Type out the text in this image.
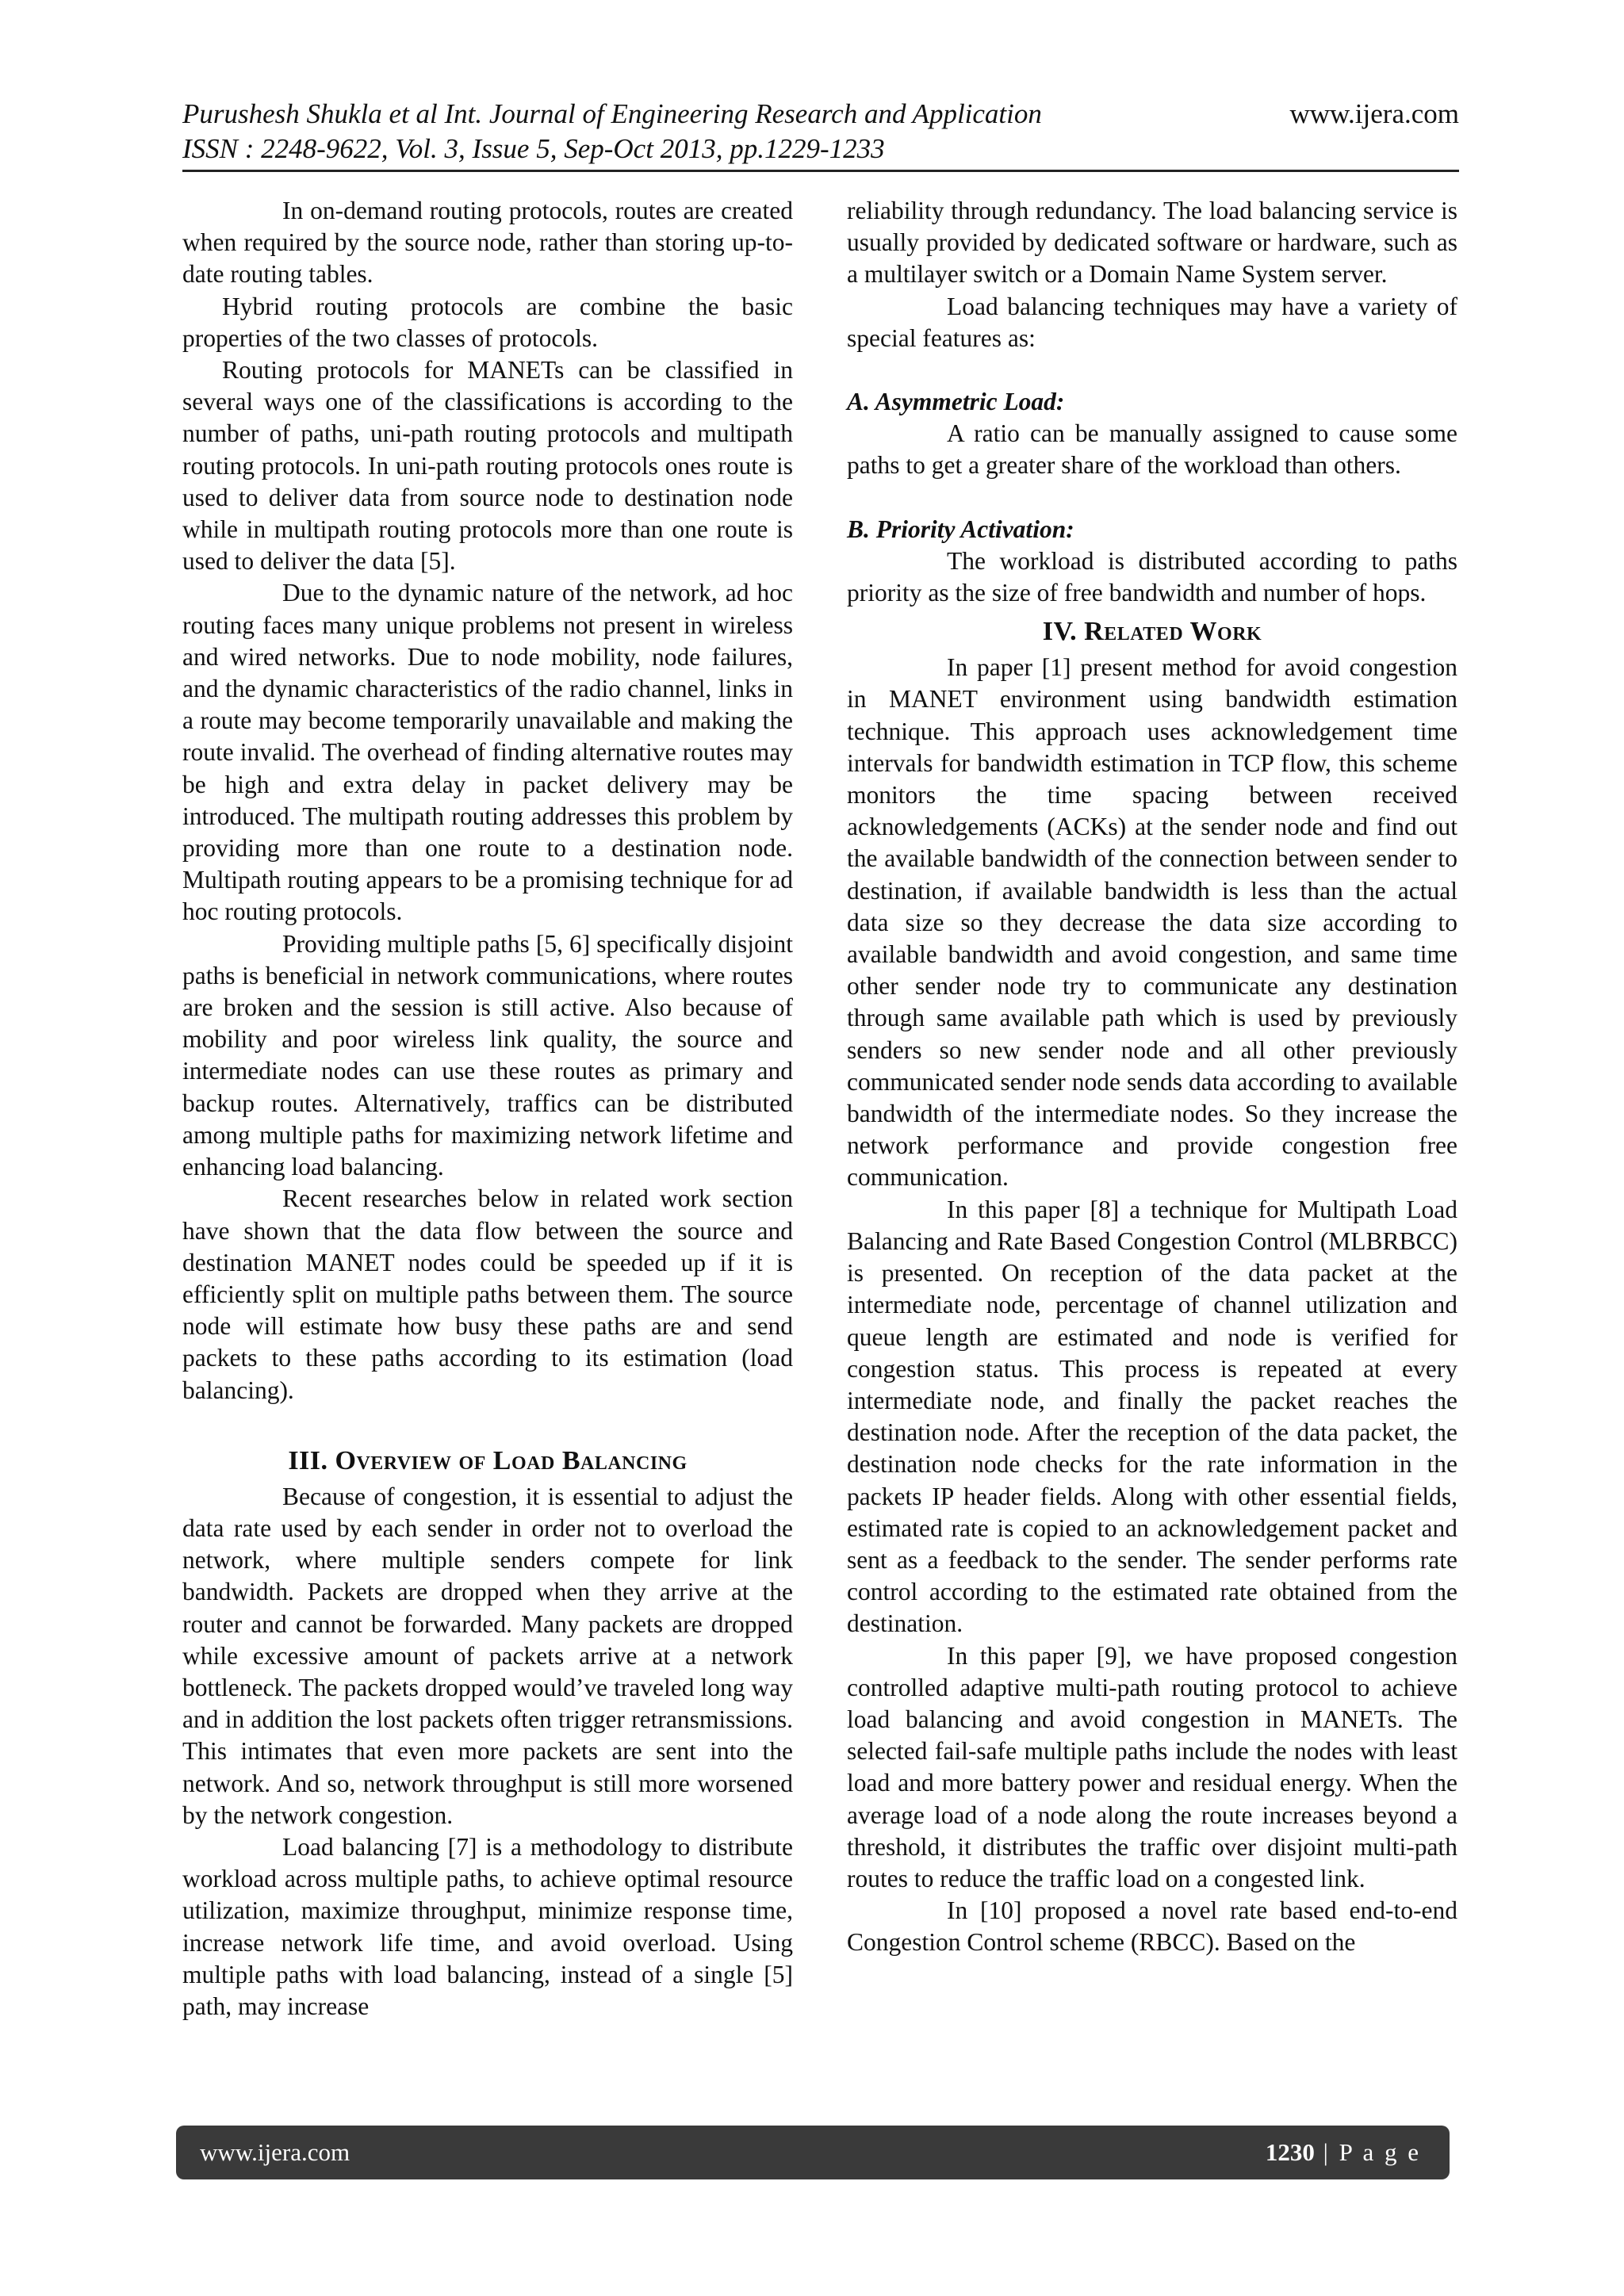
Purushesh Shukla et al Int. Journal of Engineering Research and Application
ISSN : 2248-9622, Vol. 3, Issue 5, Sep-Oct 2013, pp.1229-1233
www.ijera.com

In on-demand routing protocols, routes are created when required by the source node, rather than storing up-to-date routing tables.

Hybrid routing protocols are combine the basic properties of the two classes of protocols.

Routing protocols for MANETs can be classified in several ways one of the classifications is according to the number of paths, uni-path routing protocols and multipath routing protocols. In uni-path routing protocols ones route is used to deliver data from source node to destination node while in multipath routing protocols more than one route is used to deliver the data [5].

Due to the dynamic nature of the network, ad hoc routing faces many unique problems not present in wireless and wired networks. Due to node mobility, node failures, and the dynamic characteristics of the radio channel, links in a route may become temporarily unavailable and making the route invalid. The overhead of finding alternative routes may be high and extra delay in packet delivery may be introduced. The multipath routing addresses this problem by providing more than one route to a destination node. Multipath routing appears to be a promising technique for ad hoc routing protocols.

Providing multiple paths [5, 6] specifically disjoint paths is beneficial in network communications, where routes are broken and the session is still active. Also because of mobility and poor wireless link quality, the source and intermediate nodes can use these routes as primary and backup routes. Alternatively, traffics can be distributed among multiple paths for maximizing network lifetime and enhancing load balancing.

Recent researches below in related work section have shown that the data flow between the source and destination MANET nodes could be speeded up if it is efficiently split on multiple paths between them. The source node will estimate how busy these paths are and send packets to these paths according to its estimation (load balancing).

III. Overview of Load Balancing

Because of congestion, it is essential to adjust the data rate used by each sender in order not to overload the network, where multiple senders compete for link bandwidth. Packets are dropped when they arrive at the router and cannot be forwarded. Many packets are dropped while excessive amount of packets arrive at a network bottleneck. The packets dropped would’ve traveled long way and in addition the lost packets often trigger retransmissions. This intimates that even more packets are sent into the network. And so, network throughput is still more worsened by the network congestion.

Load balancing [7] is a methodology to distribute workload across multiple paths, to achieve optimal resource utilization, maximize throughput, minimize response time, increase network life time, and avoid overload. Using multiple paths with load balancing, instead of a single [5] path, may increase

reliability through redundancy. The load balancing service is usually provided by dedicated software or hardware, such as a multilayer switch or a Domain Name System server.

Load balancing techniques may have a variety of special features as:

A. Asymmetric Load:

A ratio can be manually assigned to cause some paths to get a greater share of the workload than others.

B. Priority Activation:

The workload is distributed according to paths priority as the size of free bandwidth and number of hops.

IV. Related Work

In paper [1] present method for avoid congestion in MANET environment using bandwidth estimation technique. This approach uses acknowledgement time intervals for bandwidth estimation in TCP flow, this scheme monitors the time spacing between received acknowledgements (ACKs) at the sender node and find out the available bandwidth of the connection between sender to destination, if available bandwidth is less than the actual data size so they decrease the data size according to available bandwidth and avoid congestion, and same time other sender node try to communicate any destination through same available path which is used by previously senders so new sender node and all other previously communicated sender node sends data according to available bandwidth of the intermediate nodes. So they increase the network performance and provide congestion free communication.

In this paper [8] a technique for Multipath Load Balancing and Rate Based Congestion Control (MLBRBCC) is presented. On reception of the data packet at the intermediate node, percentage of channel utilization and queue length are estimated and node is verified for congestion status. This process is repeated at every intermediate node, and finally the packet reaches the destination node. After the reception of the data packet, the destination node checks for the rate information in the packets IP header fields. Along with other essential fields, estimated rate is copied to an acknowledgement packet and sent as a feedback to the sender. The sender performs rate control according to the estimated rate obtained from the destination.

In this paper [9], we have proposed congestion controlled adaptive multi-path routing protocol to achieve load balancing and avoid congestion in MANETs. The selected fail-safe multiple paths include the nodes with least load and more battery power and residual energy. When the average load of a node along the route increases beyond a threshold, it distributes the traffic over disjoint multi-path routes to reduce the traffic load on a congested link.

In [10] proposed a novel rate based end-to-end Congestion Control scheme (RBCC). Based on the

www.ijera.com	1230 | P a g e
